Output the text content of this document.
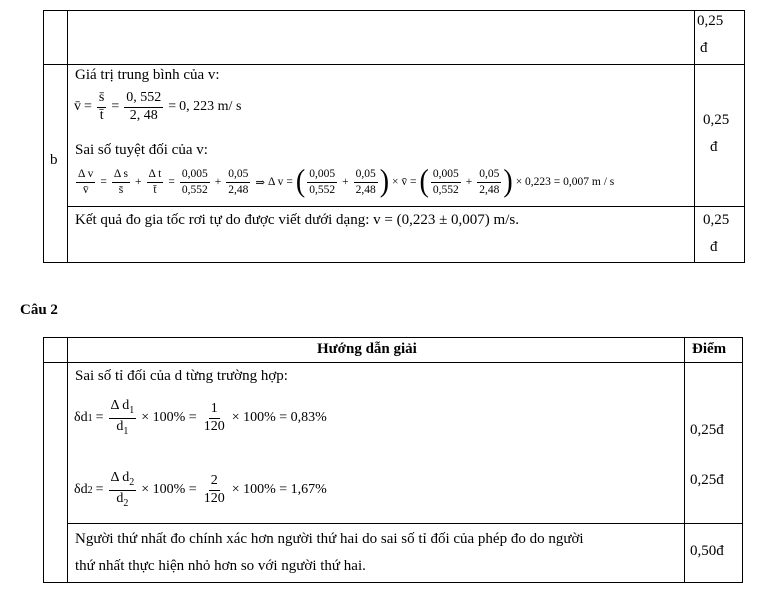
0,25
đ
b
Giá trị trung bình của v:
v̄ = $\frac{s̄}{t̄} = \frac{0, 552}{2, 48} = 0$, 223 m/ s
Sai số tuyệt đối của v:
$\frac{\text{Δ v}}{v̄} = \frac{\text{Δ s}}{s̄} + \frac{\text{Δ t}}{t̄} = \frac{0,005}{0,552} + \frac{0,05}{2,48}$ ⇒ Δ v = ( $\frac{0,005}{0,552} + \frac{0,05}{2,48}$ ) × v̄ = ( $\frac{0,005}{0,552} + \frac{0,05}{2,48}$ ) × 0,223 = 0,007 m / s
0,25
đ
Kết quả đo gia tốc rơi tự do được viết dưới dạng: v = (0,223 ± 0,007) m/s.	0,25
đ
Câu 2
Hướng dẫn giải	Điểm
Sai số tỉ đối của d từng trường hợp:
δd $1 = \frac{\Delta d_1}{\overline{d}_1} \times 100\% = \frac{1}{120} \times 100\% = 0,83\%$
δd $2 = \frac{\Delta d_2}{\overline{d}_2} \times 100\% = \frac{2}{120} \times 100\% = 1,67\%$
0,25đ
0,25đ
Người thứ nhất đo chính xác hơn người thứ hai do sai số tỉ đối của phép đo do người
thứ nhất thực hiện nhỏ hơn so với người thứ hai.
0,50đ
